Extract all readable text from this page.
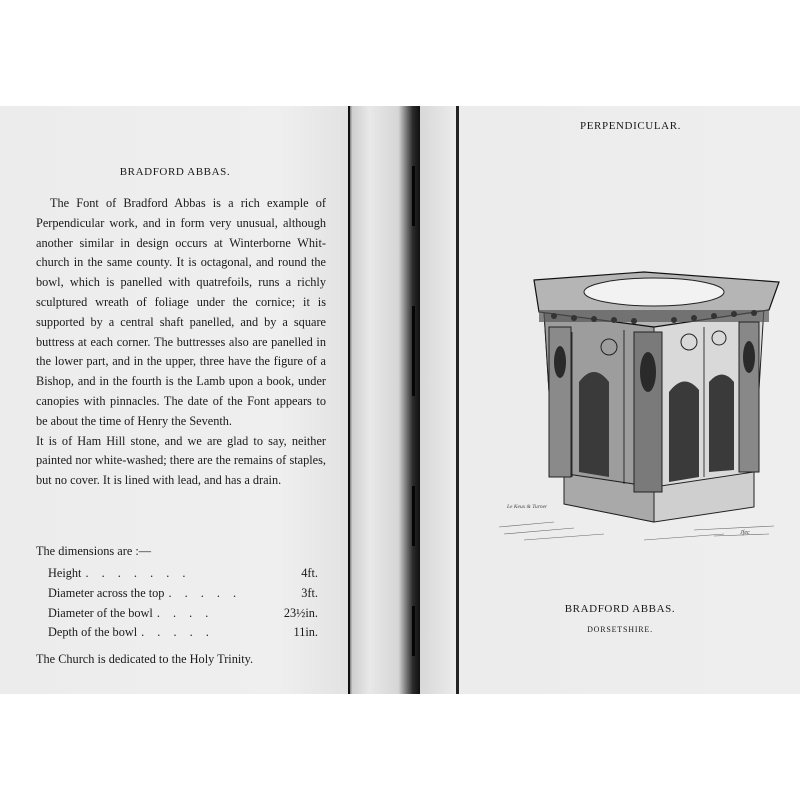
BRADFORD ABBAS.

The Font of Bradford Abbas is a rich example of Perpendicular work, and in form very unusual, although another similar in design occurs at Winterborne Whit-church in the same county. It is octagonal, and round the bowl, which is panelled with quatrefoils, runs a richly sculptured wreath of foliage under the cornice; it is supported by a central shaft panelled, and by a square buttress at each corner. The buttresses also are panelled in the lower part, and in the upper, three have the figure of a Bishop, and in the fourth is the Lamb upon a book, under canopies with pinnacles. The date of the Font appears to be about the time of Henry the Seventh.

It is of Ham Hill stone, and we are glad to say, neither painted nor white-washed; there are the remains of staples, but no cover. It is lined with lead, and has a drain.

The dimensions are :—
Height . . . . . . .	4ft.
Diameter across the top . . . . .	3ft.
Diameter of the bowl . . . .	23½in.
Depth of the bowl . . . . .	11in.
The Church is dedicated to the Holy Trinity.
PERPENDICULAR.
Le Keux & Turner
Jfec
BRADFORD ABBAS.
DORSETSHIRE.
